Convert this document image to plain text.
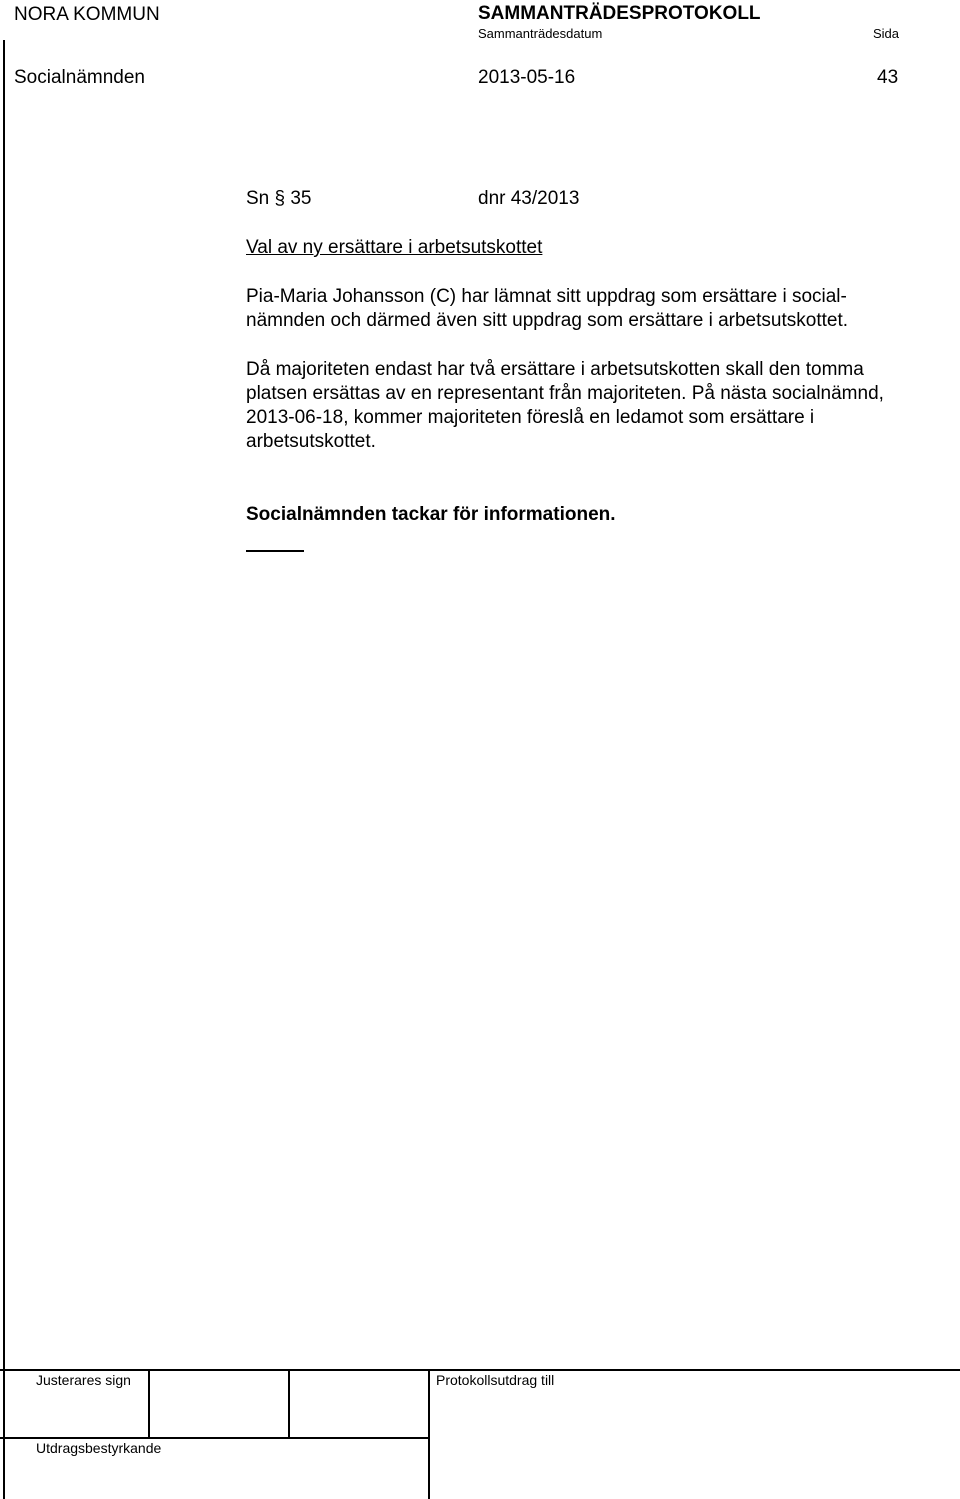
NORA KOMMUN	SAMMANTRÄDESPROTOKOLL
Sammanträdesdatum	Sida
Socialnämnden	2013-05-16	43
Sn § 35	dnr 43/2013
Val av ny ersättare i arbetsutskottet
Pia-Maria Johansson (C) har lämnat sitt uppdrag som ersättare i social-nämnden och därmed även sitt uppdrag som ersättare i arbetsutskottet.
Då majoriteten endast har två ersättare i arbetsutskotten skall den tomma platsen ersättas av en representant från majoriteten. På nästa socialnämnd, 2013-06-18, kommer majoriteten föreslå en ledamot som ersättare i arbetsutskottet.
Socialnämnden tackar för informationen.
Justerares sign	Protokollsutdrag till
Utdragsbestyrkande
